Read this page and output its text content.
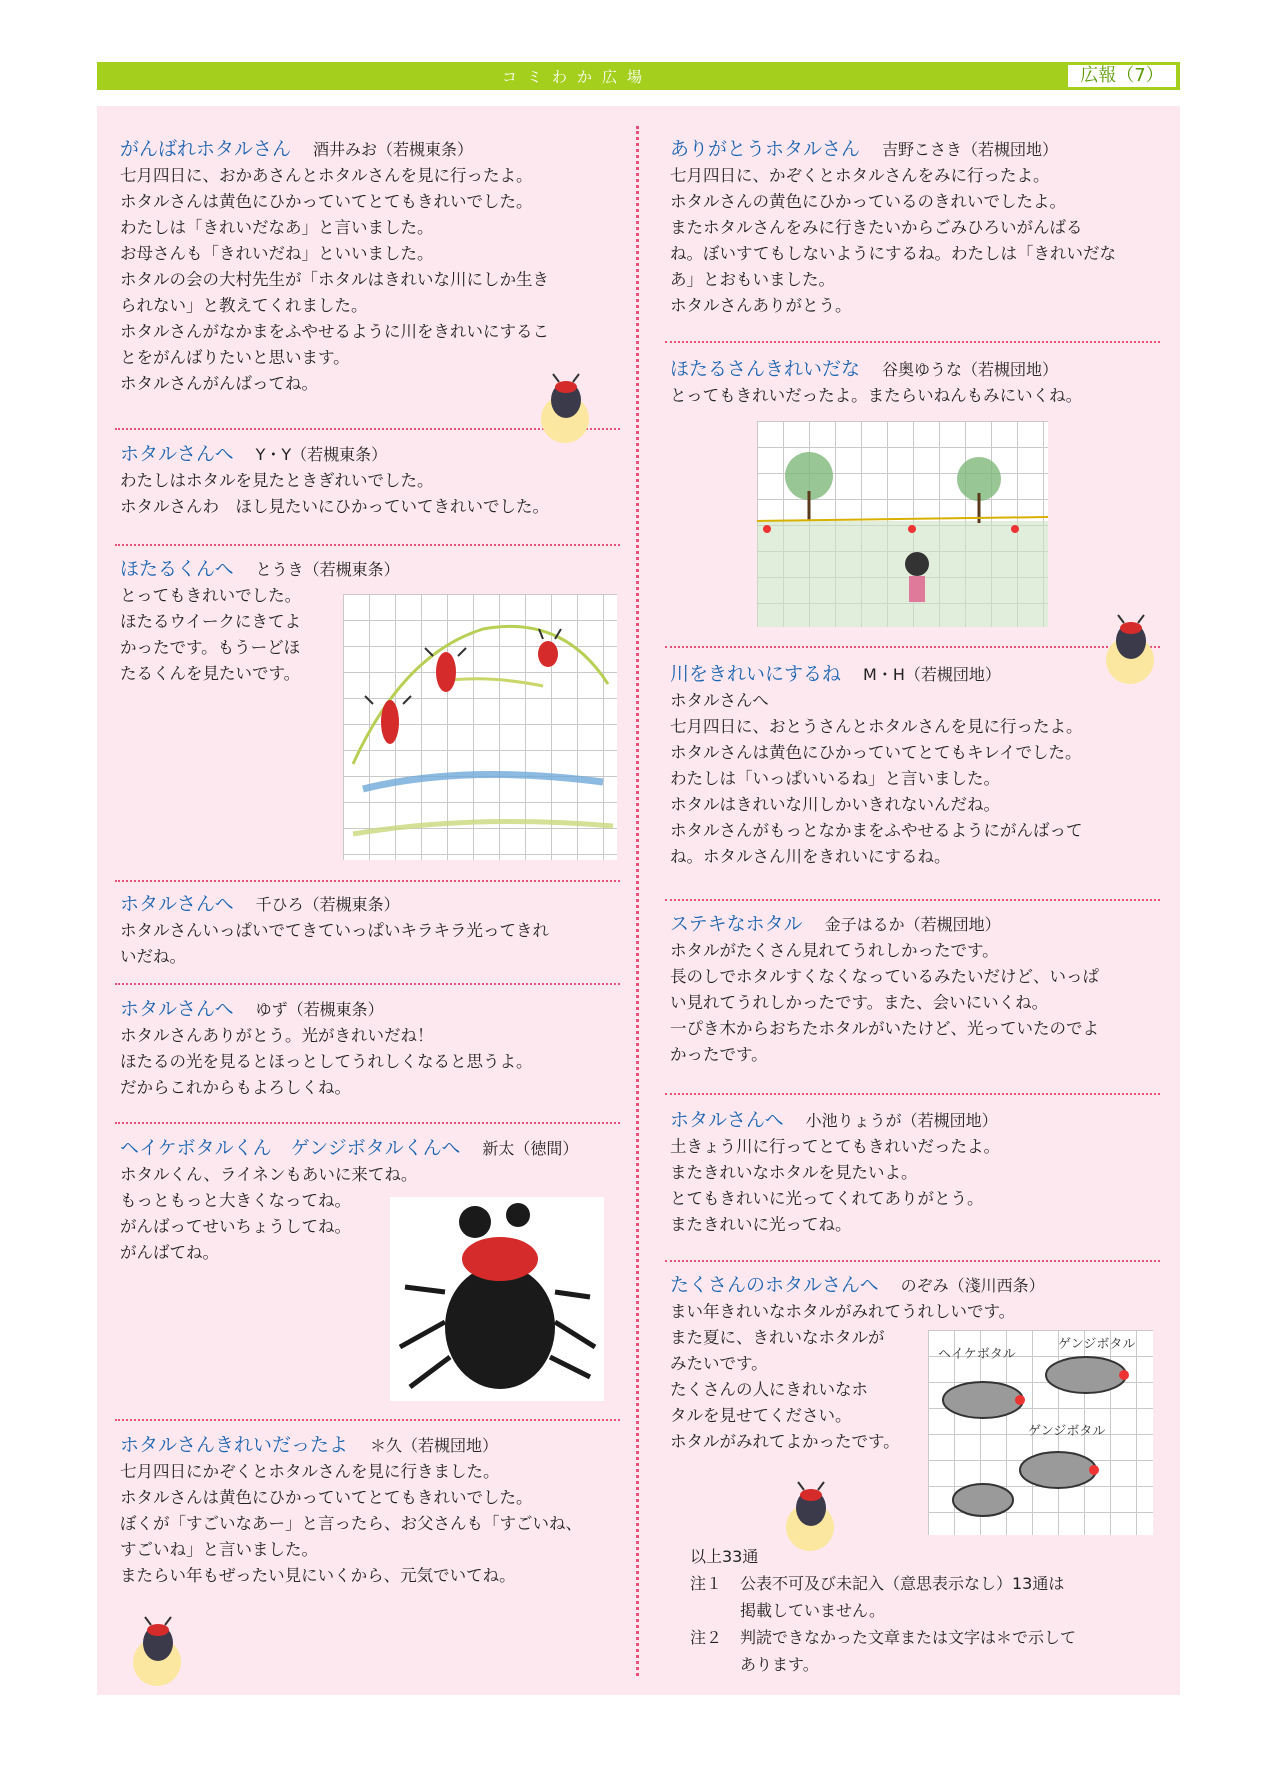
コミわか広場	広報（7）
がんばれホタルさん 酒井みお（若槻東条）
七月四日に、おかあさんとホタルさんを見に行ったよ。
ホタルさんは黄色にひかっていてとてもきれいでした。
わたしは「きれいだなあ」と言いました。
お母さんも「きれいだね」といいました。
ホタルの会の大村先生が「ホタルはきれいな川にしか生き
られない」と教えてくれました。
ホタルさんがなかまをふやせるように川をきれいにするこ
とをがんばりたいと思います。
ホタルさんがんばってね。
ホタルさんへ Y・Y（若槻東条）
わたしはホタルを見たときぎれいでした。
ホタルさんわ　ほし見たいにひかっていてきれいでした。
ほたるくんへ とうき（若槻東条）
とってもきれいでした。
ほたるウイークにきてよ
かったです。もうーどほ
たるくんを見たいです。
ホタルさんへ 千ひろ（若槻東条）
ホタルさんいっぱいでてきていっぱいキラキラ光ってきれ
いだね。
ホタルさんへ ゆず（若槻東条）
ホタルさんありがとう。光がきれいだね！
ほたるの光を見るとほっとしてうれしくなると思うよ。
だからこれからもよろしくね。
ヘイケボタルくん　ゲンジボタルくんへ 新太（徳間）
ホタルくん、ライネンもあいに来てね。
もっともっと大きくなってね。
がんばってせいちょうしてね。
がんばてね。
ホタルさんきれいだったよ ＊久（若槻団地）
七月四日にかぞくとホタルさんを見に行きました。
ホタルさんは黄色にひかっていてとてもきれいでした。
ぼくが「すごいなあー」と言ったら、お父さんも「すごいね、
すごいね」と言いました。
またらい年もぜったい見にいくから、元気でいてね。
ありがとうホタルさん 吉野こさき（若槻団地）
七月四日に、かぞくとホタルさんをみに行ったよ。
ホタルさんの黄色にひかっているのきれいでしたよ。
またホタルさんをみに行きたいからごみひろいがんばる
ね。ぼいすてもしないようにするね。わたしは「きれいだな
あ」とおもいました。
ホタルさんありがとう。
ほたるさんきれいだな 谷奥ゆうな（若槻団地）
とってもきれいだったよ。またらいねんもみにいくね。
川をきれいにするね M・H（若槻団地）
ホタルさんへ
七月四日に、おとうさんとホタルさんを見に行ったよ。
ホタルさんは黄色にひかっていてとてもキレイでした。
わたしは「いっぱいいるね」と言いました。
ホタルはきれいな川しかいきれないんだね。
ホタルさんがもっとなかまをふやせるようにがんばって
ね。ホタルさん川をきれいにするね。
ステキなホタル 金子はるか（若槻団地）
ホタルがたくさん見れてうれしかったです。
長のしでホタルすくなくなっているみたいだけど、いっぱ
い見れてうれしかったです。また、会いにいくね。
一ぴき木からおちたホタルがいたけど、光っていたのでよ
かったです。
ホタルさんへ 小池りょうが（若槻団地）
土きょう川に行ってとてもきれいだったよ。
またきれいなホタルを見たいよ。
とてもきれいに光ってくれてありがとう。
またきれいに光ってね。
たくさんのホタルさんへ のぞみ（淺川西条）
まい年きれいなホタルがみれてうれしいです。
また夏に、きれいなホタルが
みたいです。
たくさんの人にきれいなホ
タルを見せてください。
ホタルがみれてよかったです。
ヘイケボタル
ゲンジボタル
ゲンジボタル
以上33通
注１	公表不可及び未記入（意思表示なし）13通は
掲載していません。
注２	判読できなかった文章または文字は＊で示して
あります。
